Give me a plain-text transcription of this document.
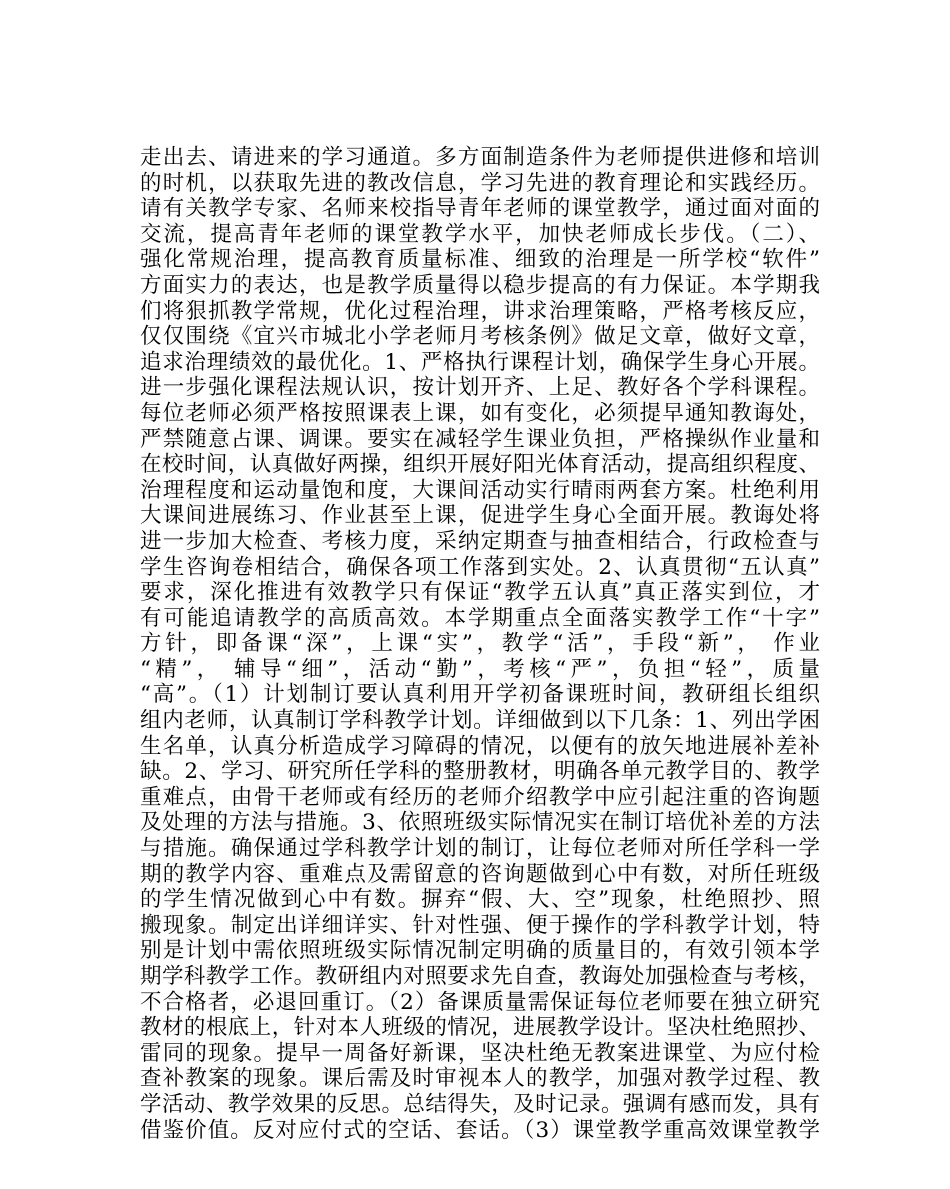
走出去、请进来的学习通道。多方面制造条件为老师提供进修和培训
的时机，以获取先进的教改信息，学习先进的教育理论和实践经历。
请有关教学专家、名师来校指导青年老师的课堂教学，通过面对面的
交流，提高青年老师的课堂教学水平，加快老师成长步伐。（二）、
强化常规治理，提高教育质量标准、细致的治理是一所学校“软件”
方面实力的表达，也是教学质量得以稳步提高的有力保证。本学期我
们将狠抓教学常规，优化过程治理，讲求治理策略，严格考核反应，
仅仅围绕《宜兴市城北小学老师月考核条例》做足文章，做好文章，
追求治理绩效的最优化。1、严格执行课程计划，确保学生身心开展。
进一步强化课程法规认识，按计划开齐、上足、教好各个学科课程。
每位老师必须严格按照课表上课，如有变化，必须提早通知教诲处，
严禁随意占课、调课。要实在减轻学生课业负担，严格操纵作业量和
在校时间，认真做好两操，组织开展好阳光体育活动，提高组织程度、
治理程度和运动量饱和度，大课间活动实行晴雨两套方案。杜绝利用
大课间进展练习、作业甚至上课，促进学生身心全面开展。教诲处将
进一步加大检查、考核力度，采纳定期查与抽查相结合，行政检查与
学生咨询卷相结合，确保各项工作落到实处。2、认真贯彻“五认真”
要求，深化推进有效教学只有保证“教学五认真”真正落实到位，才
有可能追请教学的高质高效。本学期重点全面落实教学工作“十字”
方针，即备课“深”，上课“实”，教学“活”，手段“新”， 作业
“精”， 辅导“细”，活动“勤”，考核“严”，负担“轻”，质量
“高”。（1）计划制订要认真利用开学初备课班时间，教研组长组织
组内老师，认真制订学科教学计划。详细做到以下几条：1、列出学困
生名单，认真分析造成学习障碍的情况，以便有的放矢地进展补差补
缺。2、学习、研究所任学科的整册教材，明确各单元教学目的、教学
重难点，由骨干老师或有经历的老师介绍教学中应引起注重的咨询题
及处理的方法与措施。3、依照班级实际情况实在制订培优补差的方法
与措施。确保通过学科教学计划的制订，让每位老师对所任学科一学
期的教学内容、重难点及需留意的咨询题做到心中有数，对所任班级
的学生情况做到心中有数。摒弃“假、大、空”现象，杜绝照抄、照
搬现象。制定出详细详实、针对性强、便于操作的学科教学计划，特
别是计划中需依照班级实际情况制定明确的质量目的，有效引领本学
期学科教学工作。教研组内对照要求先自查，教诲处加强检查与考核，
不合格者，必退回重订。（2）备课质量需保证每位老师要在独立研究
教材的根底上，针对本人班级的情况，进展教学设计。坚决杜绝照抄、
雷同的现象。提早一周备好新课，坚决杜绝无教案进课堂、为应付检
查补教案的现象。课后需及时审视本人的教学，加强对教学过程、教
学活动、教学效果的反思。总结得失，及时记录。强调有感而发，具有
借鉴价值。反对应付式的空话、套话。（3）课堂教学重高效课堂教学
